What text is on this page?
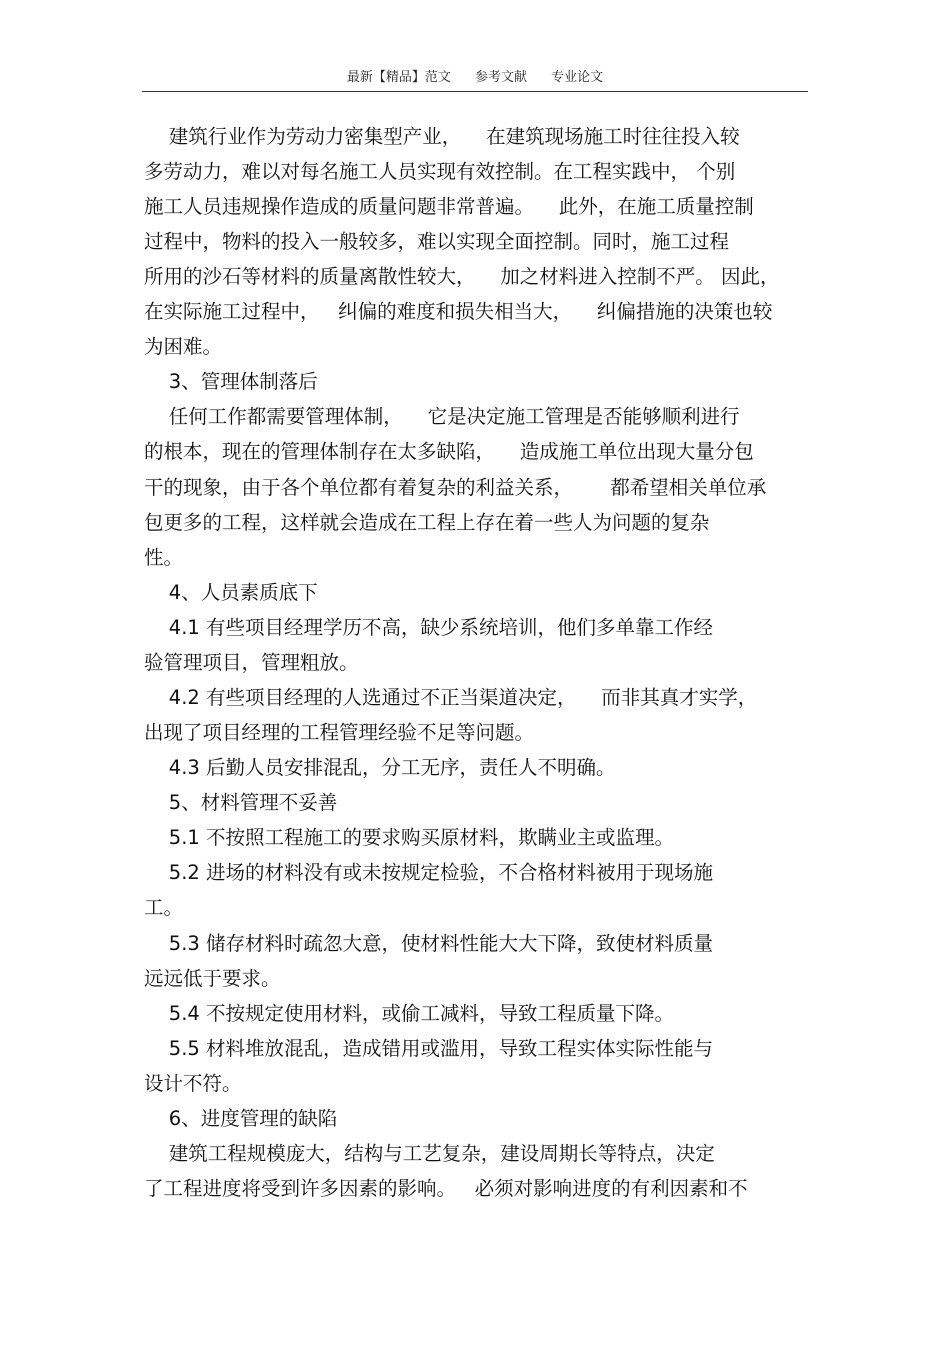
最新【精品】范文 参考文献 专业论文
建筑行业作为劳动力密集型产业，    在建筑现场施工时往往投入较
多劳动力，难以对每名施工人员实现有效控制。在工程实践中， 个别
施工人员违规操作造成的质量问题非常普遍。    此外，在施工质量控制
过程中，物料的投入一般较多，难以实现全面控制。同时，施工过程
所用的沙石等材料的质量离散性较大，    加之材料进入控制不严。 因此，
在实际施工过程中，   纠偏的难度和损失相当大，    纠偏措施的决策也较
为困难。
3、管理体制落后
任何工作都需要管理体制，    它是决定施工管理是否能够顺利进行
的根本，现在的管理体制存在太多缺陷，    造成施工单位出现大量分包
干的现象，由于各个单位都有着复杂的利益关系，      都希望相关单位承
包更多的工程，这样就会造成在工程上存在着一些人为问题的复杂
性。
4、人员素质底下
4.1 有些项目经理学历不高，缺少系统培训，他们多单靠工作经
验管理项目，管理粗放。
4.2 有些项目经理的人选通过不正当渠道决定，    而非其真才实学，
出现了项目经理的工程管理经验不足等问题。
4.3 后勤人员安排混乱，分工无序，责任人不明确。
5、材料管理不妥善
5.1 不按照工程施工的要求购买原材料，欺瞒业主或监理。
5.2 进场的材料没有或未按规定检验，不合格材料被用于现场施
工。
5.3 储存材料时疏忽大意，使材料性能大大下降，致使材料质量
远远低于要求。
5.4 不按规定使用材料，或偷工减料，导致工程质量下降。
5.5 材料堆放混乱，造成错用或滥用，导致工程实体实际性能与
设计不符。
6、进度管理的缺陷
建筑工程规模庞大，结构与工艺复杂，建设周期长等特点，决定
了工程进度将受到许多因素的影响。   必须对影响进度的有利因素和不
